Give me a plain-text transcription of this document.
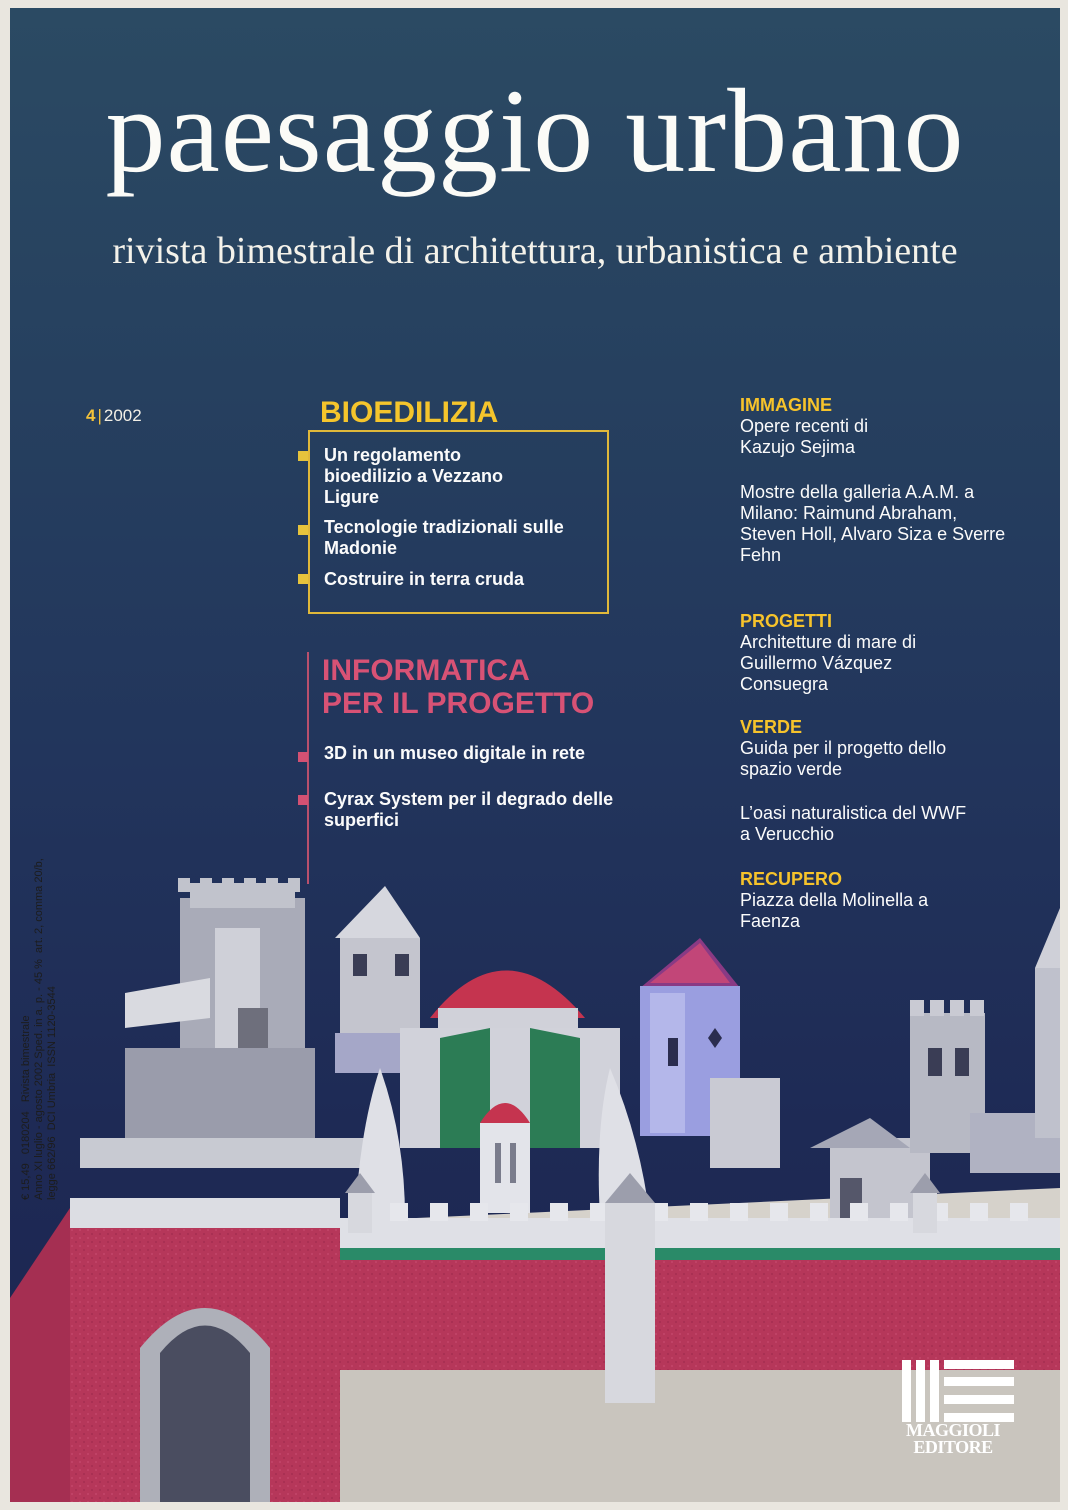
paesaggio urbano
rivista bimestrale di architettura, urbanistica e ambiente
4 | 2002	BIOEDILIZIA
Un regolamento bioedilizio a Vezzano Ligure
Tecnologie tradizionali sulle Madonie
Costruire in terra cruda
INFORMATICA
PER IL PROGETTO
3D in un museo digitale in rete
Cyrax System per il degrado delle superfici
IMMAGINE
Opere recenti di Kazujo Sejima
Mostre della galleria A.A.M. a Milano: Raimund Abraham, Steven Holl, Alvaro Siza e Sverre Fehn
PROGETTI
Architetture di mare di Guillermo Vázquez Consuegra
VERDE
Guida per il progetto dello spazio verde
L’oasi naturalistica del WWF a Verucchio
RECUPERO
Piazza della Molinella a Faenza
€ 15,49   0180204   Rivista bimestrale
Anno XI luglio - agosto 2002 Sped. in a. p. - 45 %  art. 2, comma 20/b,
legge 662/96  DCI Umbria  ISSN 1120-3544
MAGGIOLI
EDITORE
